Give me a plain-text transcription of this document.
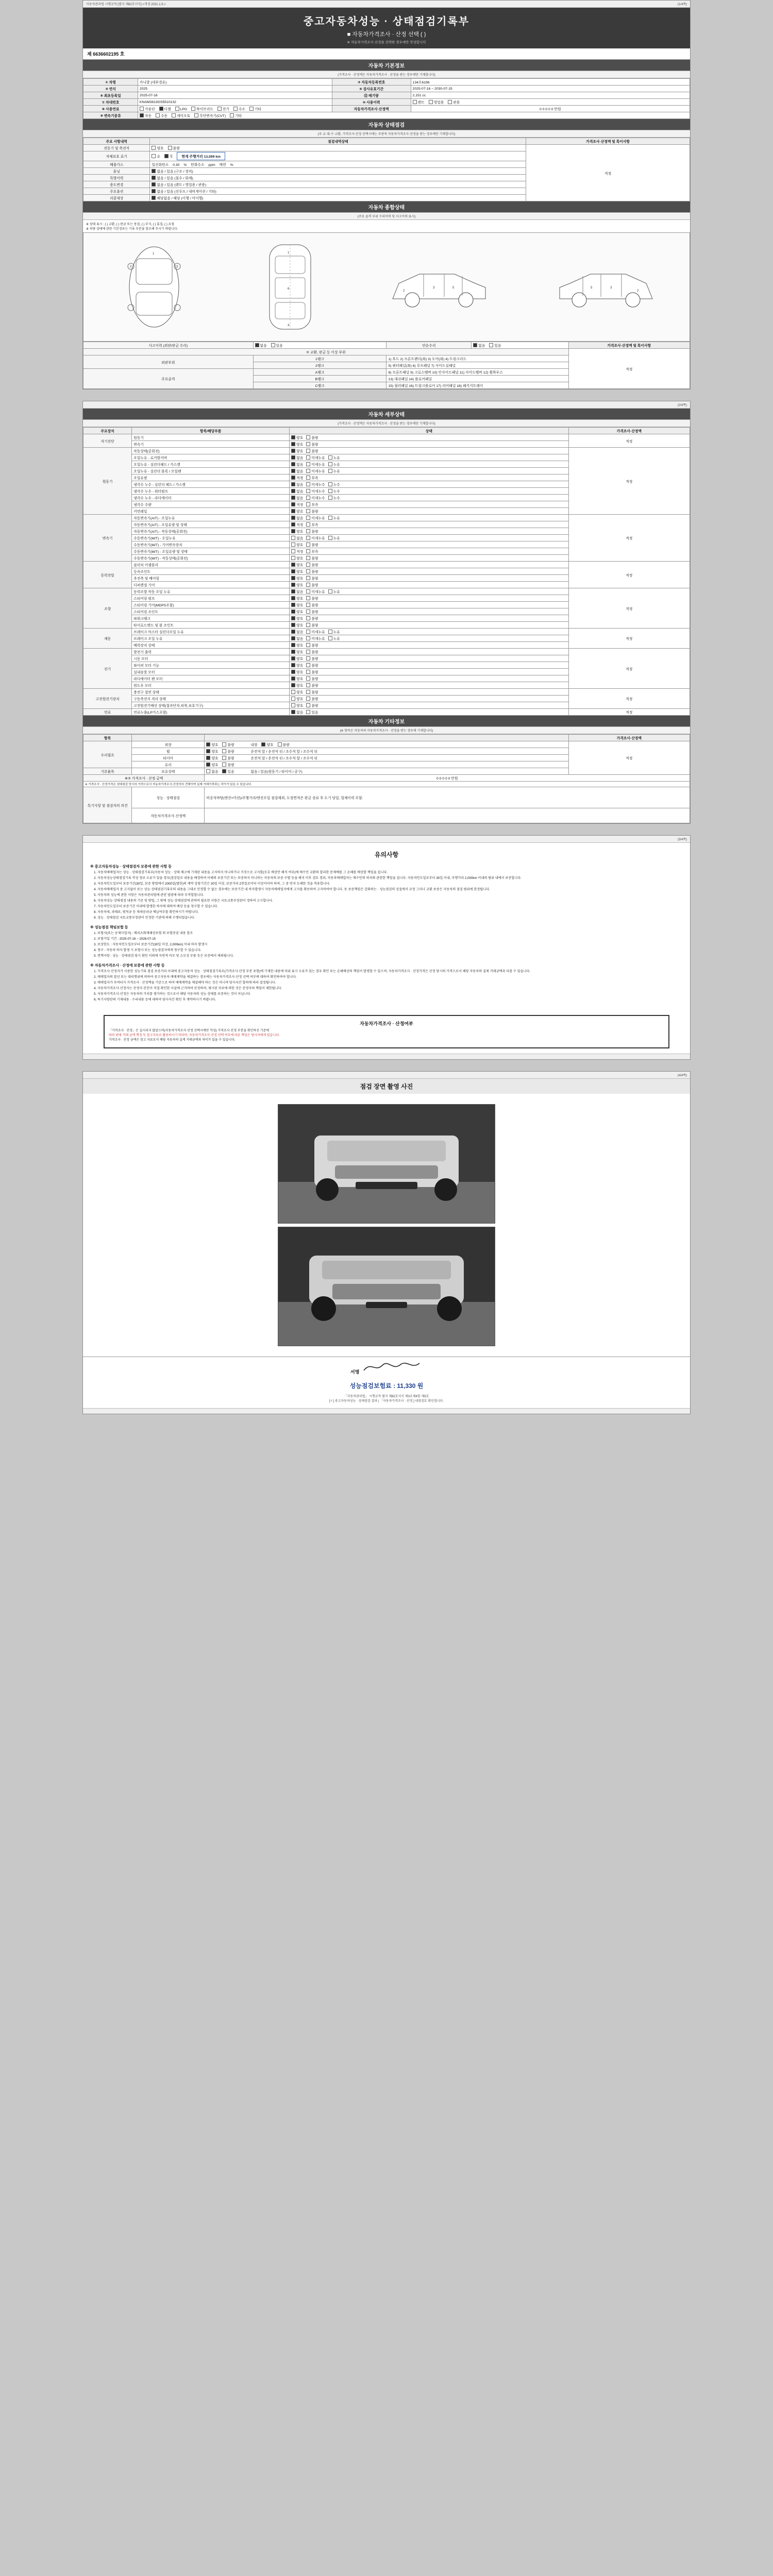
자동차관리법 시행규칙 [별지 제82호서식] <개정 2021.1.5.>	(1/4쪽)
중고자동차성능 · 상태점검기록부
■ 자동차가격조사 · 산정 선택 ( )
※ 자동차가격조사·산정을 선택한 경우에만 작성합니다
제 6636602195 호
자동차 기본정보
(가격조사 · 산정액은 자동차가격조사 · 산정을 받는 경우에만 기재합니다)
① 차명	카니발 (네부경유)	② 자동차등록번호	134오6196
③ 연식	2025	④ 검사유효기간	2025-07-16 ~ 2030-07-15
⑤ 최초등록일	2025-07-16	⑫ 배기량	2,151 cc
⑦ 차대번호	KNAM3813GS5510132	⑩ 사용이력	렌트 영업용 관용
⑧ 사용연료	가솔린 디젤 LPG 하이브리드 전기 수소 기타	자동차가격조사·산정액	0 0 0 0 0 만원
⑨ 변속기종류	자동 수동 세미오토 무단변속기(CVT) 기타		
자동차 상태점검
(주·교·대·수·교환, 가격조사·산정 선택시에는 주관적 자동차가격조사·산정을 받는 경우에만 기재합니다)
주요 사항내역	점검내역상태	가격조사·산정액 및 특이사항
전동기 및 축전지	양호 불량	적정
자체보호 표기	유 무 현재 주행거리 13,599 km	
배출가스	일산화탄소 0.30 % 탄화수소 ppm 매연 %	
튜닝	없음 / 있음 (구조 / 장치)	
특별이력	없음 / 있음 (침수 / 화재)	
용도변경	없음 / 있음 (렌트 / 영업용 / 관용)	
주요옵션	없음 / 있음 (선루프 / 내비게이션 / 기타)	
리콜대상	해당없음 / 해당 (이행 / 미이행)	
자동차 종합상태
(주요 골격 부위 수리이력 및 사고이력 표시)
※ 상태 표시 : ( ) 교환, ( ) 판금 또는 용접, ( ) 부식, ( ) 흠집, ( ) 요철
※ 차량 상태에 관한 기본정보는 기록 부분을 참조해 주시기 바랍니다.
2	3
1	1
6
4
2
3	5
2
3
5
사고이력 (외판/판금 수리)	없음 있음	단순수리	없음 있음	가격조사·산정액 및 특이사항
② 교환, 판금 등 이상 부위				적정
외판부위	1랭크	1) 후드 2) 프론트펜더(좌) 3) 도어(좌) 4) 트렁크리드		
	2랭크	5) 쿼터패널(좌) 6) 루프패널 7) 사이드실패널		
주요골격	A랭크	8) 프론트패널 9) 크로스멤버 10) 인사이드패널 11) 사이드멤버 12) 휠하우스		
	B랭크	13) 대쉬패널 14) 플로어패널		
	C랭크	15) 필러패널 16) 트렁크플로어 17) 리어패널 18) 패키지트레이		

(2/4쪽)
자동차 세부상태
(가격조사 · 산정액은 자동차가격조사 · 산정을 받는 경우에만 기재합니다)
주요장치	항목/해당부품	상태	가격조사·산정액
자기진단	원동기	양호 불량	적정
	변속기	양호 불량	
원동기	작동상태(공회전)	양호 불량	적정
	오일누유 - 로커암커버	없음 미세누유 누유	
	오일누유 - 실린더헤드 / 가스켓	없음 미세누유 누유	
	오일누유 - 실린더 블록 / 오일팬	없음 미세누유 누유	
	오일유량	적정 부족	
	냉각수 누수 - 실린더 헤드 / 가스켓	없음 미세누수 누수	
	냉각수 누수 - 워터펌프	없음 미세누수 누수	
	냉각수 누수 - 라디에이터	없음 미세누수 누수	
	냉각수 수량	적정 부족	
	커먼레일	양호 불량	
변속기	자동변속기(A/T) - 오일누유	없음 미세누유 누유	적정
	자동변속기(A/T) - 오일유량 및 상태	적정 부족	
	자동변속기(A/T) - 작동상태(공회전)	양호 불량	
	수동변속기(M/T) - 오일누유	없음 미세누유 누유	
	수동변속기(M/T) - 기어변속장치	양호 불량	
	수동변속기(M/T) - 오일유량 및 상태	적정 부족	
	수동변속기(M/T) - 작동상태(공회전)	양호 불량	
동력전달	클러치 어셈블리	양호 불량	적정
	등속조인트	양호 불량	
	추진축 및 베어링	양호 불량	
	디퍼렌셜 기어	양호 불량	
조향	동력조향 작동 오일 누유	없음 미세누유 누유	적정
	스티어링 펌프	양호 불량	
	스티어링 기어(MDPS포함)	양호 불량	
	스티어링 조인트	양호 불량	
	파워크랭크	양호 불량	
	타이로드엔드 및 볼 조인트	양호 불량	
제동	브레이크 마스터 실린더오일 누유	없음 미세누유 누유	적정
	브레이크 오일 누유	없음 미세누유 누유	
	배력장치 상태	양호 불량	
전기	발전기 출력	양호 불량	적정
	시동 모터	양호 불량	
	와이퍼 모터 기능	양호 불량	
	실내송풍 모터	양호 불량	
	라디에이터 팬 모터	양호 불량	
	윈도우 모터	양호 불량	
고전원전기장치	충전구 절연 상태	양호 불량	적정
	구동축전지 격리 상태	양호 불량	
	고전원전기배선 상태(접속단자,피복,보호기구)	양호 불량	
연료	연료누출(LP가스포함)	없음 있음	적정
자동차 기타정보
(※ 항목은 자동차의 자동차가격조사 · 산정을 받는 경우에 기재합니다)
항목			가격조사·산정액
수리필요	외장	양호 불량 내장 양호 불량	적정
	휠	양호 불량 운전석 앞 / 운전석 뒤 / 조수석 앞 / 조수석 뒤	
	타이어	양호 불량 운전석 앞 / 운전석 뒤 / 조수석 앞 / 조수석 뒤	
	유리	양호 불량	
기본품목	보유상태	없음 있음 없음 / 있음(원동기 / 타이어 / 공구)	
※② 가격조사 · 산정 금액		0 0 0 0 0 만원	
※ 가격조사 · 산정가격은 상태점검 당시의 가격으로서 자동차가격조사·산정자의 견해이며 실제 거래가격과는 차이가 있을 수 있습니다.			
특기사항 및 점검자의 의견	성능 · 상태점검	비공식바탕(엔진+미션)/주행거리/엔진오일 점검제외, 도장면적은 판금 종료 후 도기 당일, 업체이력 포함.	
	자동차가격조사·산정액		

(3/4쪽)
유의사항
※ 중고자동차성능 · 상태점검자 보증에 관한 사항 등
1. 자동차매매업자는 성능 · 상태점검기록부(자동차 성능 · 상태 체크에 기재된 내용을 고지하지 아니하거나 거짓으로 고지할(모호 배상안 해석 여부)에 매수인 교환의 합리한 문제예를 그 손해를 배상할 책임을 집니다.
2. 자동차성능상태점검기록 작성 정보 오류가 있을 경우(점검일로 내용을 배경하여 이해의 보증기간 또는 보증하지 아니하는 자동차의 보증 구별 등을 해석 이후 검토 경과, 자동차매매업자는 매수인의 하자와 관련한 책임을 집니다. 자동차인도일로부터 30일 이내, 주행거리 2,000km 이내의 범위 내에서 보증합니다.
3. 자동차인도일부터 보증기간(30일, 보증 방법에서 2000일(별한)의 계약 상당기간은 30일 이상, 보증거리 2천킬로미터 이상이어야 하며, 그 중 먼저 도래한 것을 적용합니다.
4. 자동차매매업자 중 고지없이 또는 성능·상태점검기록부의 내용을 그대로 인정할 수 없는 경우에는 보증기간 내 하자발생시 자동차매매업자에게 고지를 확보하여 고지하여야 합니다. 동 보증책임은 강화하는 · 성능점검의 성질에서 규정 그러나 교환 보증은 자동차의 점검 범위에 한정됩니다.
5. 자동차의 성능에 관한 사항은 자동차관리법에 관련 법령에 따라 부적합합니다.
6. 자동차성능·상태점검 내용의 기준 및 방법, 그 밖에 성능·상태점검에 관하여 필요한 사항은 국토교통부장관이 정하여 고시합니다.
7. 자동차인도일부터 보증기간 이내에 발생한 하자에 대하여 배상 등을 청구할 수 있습니다.
8. 자동차세, 과태료, 범칙금 등 제세공과금 체납여부를 확인하시기 바랍니다.
9. 성능 · 상태점검 국토교통부장관이 인정한 기관에 의해 수행되었습니다.
※ 성능점검 책임보험 등
1. 보험사(또는 공제사업자) : 메리츠화재해상보험 외 보험증권 내용 참조
2. 보험가입 기간 : 2025-07-16 ~ 2026-07-15
3. 보상한도 : 자동차인도일로부터 보증기간(30일 이상, 2,000km) 이내 하자 발생시
4. 청구 : 자동차 하자 발생 시 보험사 또는 성능점검자에게 청구할 수 있습니다.
5. 면책사항 : 성능 · 상태점검 당시 확인 이외에 자연적 마모 및 소모성 부품 등은 보증에서 제외됩니다.
※ 자동차가격조사 · 산정에 보증에 관한 사항 등
1. 가격조사·산정자가 사용한 성능기록 점검 보증거리 이내에 중고자동차 성능 · 상태점검기록부(가격조사·산정 부분 포함)에 기재한 내용에 허위 표시 오류가 있는 경우 확인 또는 손해배상의 책임이 발생할 수 있으며, 자동차가격조사 · 산정가격은 산정 당시의 가격으로서 해당 자동차의 실제 거래금액과 다를 수 있습니다.
2. 매매업자의 알선 또는 대리행위에 의하여 중고자동차 매매계약을 체결하는 경우에는 자동차가격조사·산정 선택 여부에 대하여 확인하여야 합니다.
3. 매매업자가 부여되지 가격조사 · 산정액을 기준으로 하여 매매계약을 체결해야 하는 것은 아니며 당사자간 합의에 따라 결정됩니다.
4. 자동차가격조사·산정자는 산정자 본인이 직접 확인한 사실에 근거하여 산정하며, 제시된 자료에 의한 것은 산정자의 책임이 제한됩니다.
5. 자동차가격조사·산정은 자동차의 가치를 평가하는 것으로서 해당 자동차의 성능·상태를 보증하는 것이 아닙니다.
6. 특기사항란의 기재내용 · 수리내용 등에 대하여 당사자간 확인 후 계약하시기 바랍니다.
자동차가격조사 · 산정여부

「가격조사 · 산정」은 실시되지 않았으며(자동차가격조사·산정 선택시에만 작성) 가격조사·산정 부분을 확인하신 기준에

따라 판매 거래 금액 책정 등 참고자료로 활용하시기 바라며, 자동차가격조사·산정 선택 여부에 따른 책임은 당사자에게 있습니다.

가격조사 · 산정 금액은 참고 자료로서 해당 자동차의 실제 거래금액과 차이가 있을 수 있습니다.

(4/4쪽)
점검 장면 촬영 사진
서명
성능점검보험료 : 11,330 원
「자동차관리법」 시행규칙 별지 제82호서식 제3조제4항 제3호
[ㄷ] 중고자동차성능 · 상태점검 결과 | 「자동차가격조사 · 산정 ] 내영검토 확인합니다.
